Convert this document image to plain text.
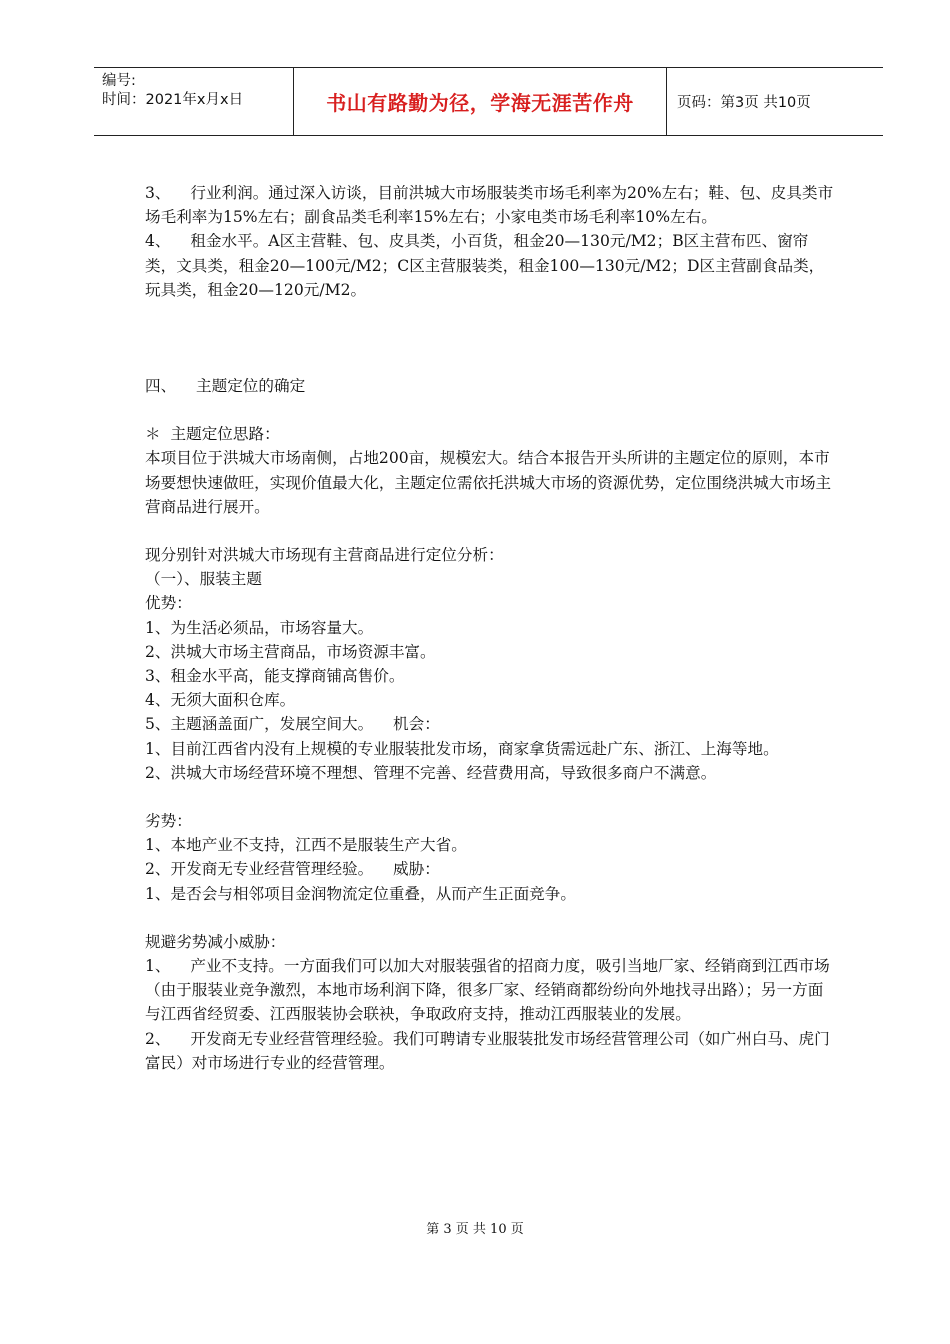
编号:
时间：2021年x月x日	书山有路勤为径，学海无涯苦作舟	页码：第3页 共10页

3、    行业利润。通过深入访谈，目前洪城大市场服装类市场毛利率为20%左右；鞋、包、皮具类市场毛利率为15%左右；副食品类毛利率15%左右；小家电类市场毛利率10%左右。

4、    租金水平。A区主营鞋、包、皮具类，小百货，租金20—130元/M2；B区主营布匹、窗帘类，文具类，租金20—100元/M2；C区主营服装类，租金100—130元/M2；D区主营副食品类，玩具类，租金20—120元/M2。

四、    主题定位的确定

＊  主题定位思路：

本项目位于洪城大市场南侧，占地200亩，规模宏大。结合本报告开头所讲的主题定位的原则，本市场要想快速做旺，实现价值最大化，主题定位需依托洪城大市场的资源优势，定位围绕洪城大市场主营商品进行展开。

现分别针对洪城大市场现有主营商品进行定位分析：

（一）、服装主题

优势：

1、为生活必须品，市场容量大。

2、洪城大市场主营商品，市场资源丰富。

3、租金水平高，能支撑商铺高售价。

4、无须大面积仓库。

5、主题涵盖面广，发展空间大。    机会：

1、目前江西省内没有上规模的专业服装批发市场，商家拿货需远赴广东、浙江、上海等地。

2、洪城大市场经营环境不理想、管理不完善、经营费用高，导致很多商户不满意。

劣势：

1、本地产业不支持，江西不是服装生产大省。

2、开发商无专业经营管理经验。    威胁：

1、是否会与相邻项目金润物流定位重叠，从而产生正面竞争。

规避劣势减小威胁：

1、    产业不支持。一方面我们可以加大对服装强省的招商力度，吸引当地厂家、经销商到江西市场（由于服装业竞争激烈，本地市场利润下降，很多厂家、经销商都纷纷向外地找寻出路）；另一方面与江西省经贸委、江西服装协会联袂，争取政府支持，推动江西服装业的发展。

2、    开发商无专业经营管理经验。我们可聘请专业服装批发市场经营管理公司（如广州白马、虎门富民）对市场进行专业的经营管理。

第 3 页 共 10 页
